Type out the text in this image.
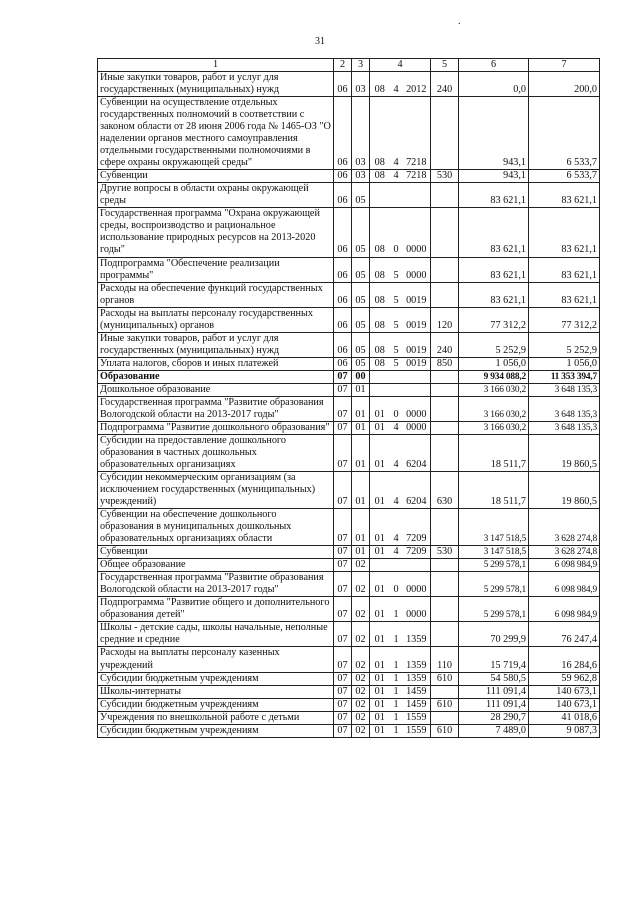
.
31
1	2	3	4			5	6	7
Иные закупки товаров, работ и услуг для государственных (муниципальных) нужд	06	03	08	4	2012	240	0,0	200,0
Субвенции на осуществление отдельных государственных полномочий в соответствии с законом области от 28 июня 2006 года № 1465-ОЗ "О наделении органов местного самоуправления отдельными государственными полномочиями в сфере охраны окружающей среды"	06	03	08	4	7218		943,1	6 533,7
Субвенции	06	03	08	4	7218	530	943,1	6 533,7
Другие вопросы в области охраны окружающей среды	06	05					83 621,1	83 621,1
Государственная программа "Охрана окружающей среды, воспроизводство и рациональное использование природных ресурсов на 2013-2020 годы"	06	05	08	0	0000		83 621,1	83 621,1
Подпрограмма "Обеспечение реализации программы"	06	05	08	5	0000		83 621,1	83 621,1
Расходы на обеспечение функций государственных органов	06	05	08	5	0019		83 621,1	83 621,1
Расходы на выплаты персоналу государственных (муниципальных) органов	06	05	08	5	0019	120	77 312,2	77 312,2
Иные закупки товаров, работ и услуг для государственных (муниципальных) нужд	06	05	08	5	0019	240	5 252,9	5 252,9
Уплата налогов, сборов и иных платежей	06	05	08	5	0019	850	1 056,0	1 056,0
Образование	07	00					9 934 088,2	11 353 394,7
Дошкольное образование	07	01					3 166 030,2	3 648 135,3
Государственная программа "Развитие образования Вологодской области на 2013-2017 годы"	07	01	01	0	0000		3 166 030,2	3 648 135,3
Подпрограмма "Развитие дошкольного образования"	07	01	01	4	0000		3 166 030,2	3 648 135,3
Субсидии на предоставление дошкольного образования в частных дошкольных образовательных организациях	07	01	01	4	6204		18 511,7	19 860,5
Субсидии некоммерческим организациям (за исключением государственных (муниципальных) учреждений)	07	01	01	4	6204	630	18 511,7	19 860,5
Субвенции на обеспечение дошкольного образования в муниципальных дошкольных образовательных организациях области	07	01	01	4	7209		3 147 518,5	3 628 274,8
Субвенции	07	01	01	4	7209	530	3 147 518,5	3 628 274,8
Общее образование	07	02					5 299 578,1	6 098 984,9
Государственная программа "Развитие образования Вологодской области на 2013-2017 годы"	07	02	01	0	0000		5 299 578,1	6 098 984,9
Подпрограмма "Развитие общего и дополнительного образования детей"	07	02	01	1	0000		5 299 578,1	6 098 984,9
Школы - детские сады, школы начальные, неполные средние и средние	07	02	01	1	1359		70 299,9	76 247,4
Расходы на выплаты персоналу казенных учреждений	07	02	01	1	1359	110	15 719,4	16 284,6
Субсидии бюджетным учреждениям	07	02	01	1	1359	610	54 580,5	59 962,8
Школы-интернаты	07	02	01	1	1459		111 091,4	140 673,1
Субсидии бюджетным учреждениям	07	02	01	1	1459	610	111 091,4	140 673,1
Учреждения по внешкольной работе с детьми	07	02	01	1	1559		28 290,7	41 018,6
Субсидии бюджетным учреждениям	07	02	01	1	1559	610	7 489,0	9 087,3
